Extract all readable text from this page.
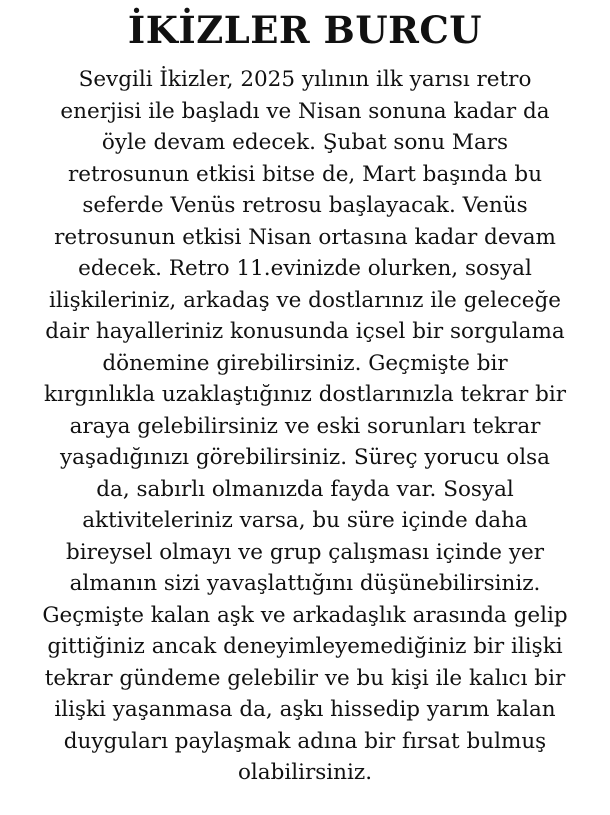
İKİZLER BURCU

Sevgili İkizler, 2025 yılının ilk yarısı retro
enerjisi ile başladı ve Nisan sonuna kadar da
öyle devam edecek. Şubat sonu Mars
retrosunun etkisi bitse de, Mart başında bu
seferde Venüs retrosu başlayacak. Venüs
retrosunun etkisi Nisan ortasına kadar devam
edecek. Retro 11.evinizde olurken, sosyal
ilişkileriniz, arkadaş ve dostlarınız ile geleceğe
dair hayalleriniz konusunda içsel bir sorgulama
dönemine girebilirsiniz. Geçmişte bir
kırgınlıkla uzaklaştığınız dostlarınızla tekrar bir
araya gelebilirsiniz ve eski sorunları tekrar
yaşadığınızı görebilirsiniz. Süreç yorucu olsa
da, sabırlı olmanızda fayda var. Sosyal
aktiviteleriniz varsa, bu süre içinde daha
bireysel olmayı ve grup çalışması içinde yer
almanın sizi yavaşlattığını düşünebilirsiniz.
Geçmişte kalan aşk ve arkadaşlık arasında gelip
gittiğiniz ancak deneyimleyemediğiniz bir ilişki
tekrar gündeme gelebilir ve bu kişi ile kalıcı bir
ilişki yaşanmasa da, aşkı hissedip yarım kalan
duyguları paylaşmak adına bir fırsat bulmuş
olabilirsiniz.
